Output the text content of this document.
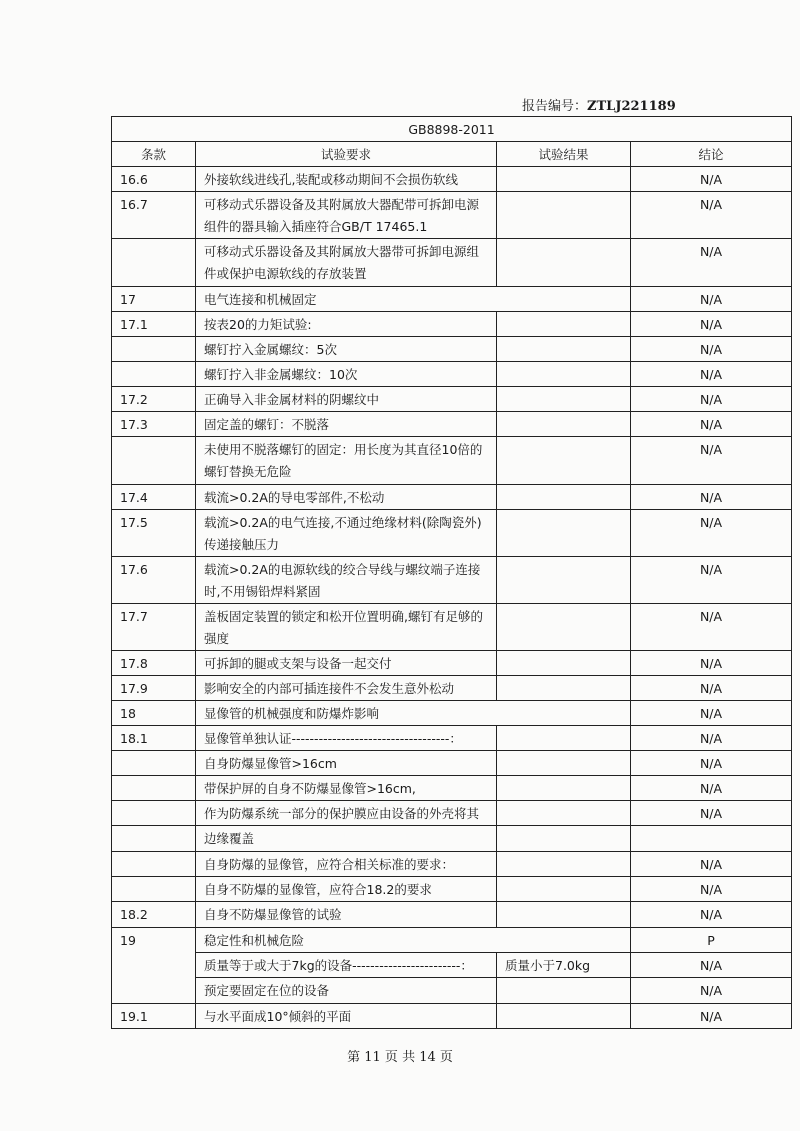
报告编号：ZTLJ221189
GB8898-2011			
条款	试验要求	试验结果	结论
16.6	外接软线进线孔,装配或移动期间不会损伤软线		N/A
16.7	可移动式乐器设备及其附属放大器配带可拆卸电源组件的器具输入插座符合GB/T 17465.1		N/A
	可移动式乐器设备及其附属放大器带可拆卸电源组件或保护电源软线的存放装置		N/A
17	电气连接和机械固定		N/A
17.1	按表20的力矩试验:		N/A
	螺钉拧入金属螺纹：5次		N/A
	螺钉拧入非金属螺纹：10次		N/A
17.2	正确导入非金属材料的阴螺纹中		N/A
17.3	固定盖的螺钉：不脱落		N/A
	未使用不脱落螺钉的固定：用长度为其直径10倍的螺钉替换无危险		N/A
17.4	载流>0.2A的导电零部件,不松动		N/A
17.5	载流>0.2A的电气连接,不通过绝缘材料(除陶瓷外)传递接触压力		N/A
17.6	载流>0.2A的电源软线的绞合导线与螺纹端子连接时,不用锡铅焊料紧固		N/A
17.7	盖板固定装置的锁定和松开位置明确,螺钉有足够的强度		N/A
17.8	可拆卸的腿或支架与设备一起交付		N/A
17.9	影响安全的内部可插连接件不会发生意外松动		N/A
18	显像管的机械强度和防爆炸影响		N/A
18.1	显像管单独认证-----------------------------------：		N/A
	自身防爆显像管>16cm		N/A
	带保护屏的自身不防爆显像管>16cm,		N/A
	作为防爆系统一部分的保护膜应由设备的外壳将其		N/A
	边缘覆盖		
	自身防爆的显像管，应符合相关标准的要求：		N/A
	自身不防爆的显像管，应符合18.2的要求		N/A
18.2	自身不防爆显像管的试验		N/A
19	稳定性和机械危险		P
	质量等于或大于7kg的设备------------------------：	质量小于7.0kg	N/A
	预定要固定在位的设备		N/A
19.1	与水平面成10°倾斜的平面		N/A
第 11 页 共 14 页
